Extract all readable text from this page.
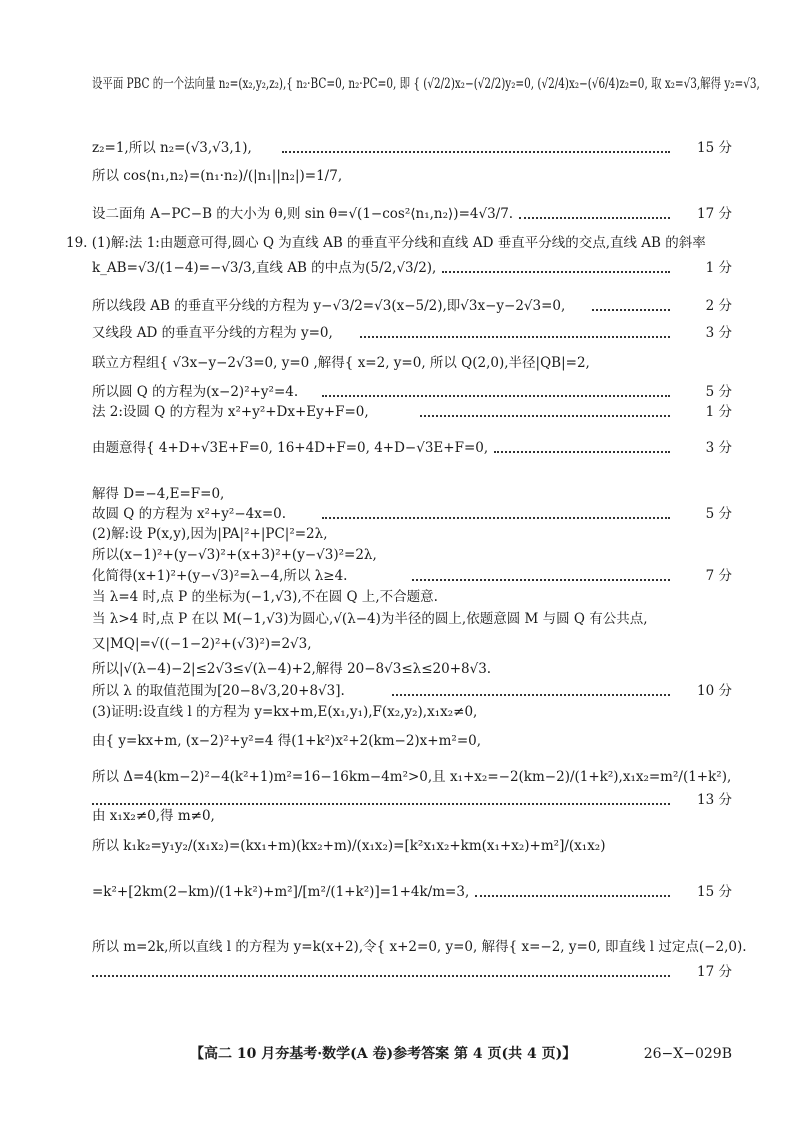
设平面 PBC 的一个法向量 n₂=(x₂,y₂,z₂),{ n₂·BC=0, n₂·PC=0, 即 { (√2/2)x₂−(√2/2)y₂=0, (√2/4)x₂−(√6/4)z₂=0, 取 x₂=√3,解得 y₂=√3,
z₂=1,所以 n₂=(√3,√3,1),	15 分
所以 cos⟨n₁,n₂⟩=(n₁·n₂)/(|n₁||n₂|)=1/7,
设二面角 A−PC−B 的大小为 θ,则 sin θ=√(1−cos²⟨n₁,n₂⟩)=4√3/7.	17 分
19. (1)解:法 1:由题意可得,圆心 Q 为直线 AB 的垂直平分线和直线 AD 垂直平分线的交点,直线 AB 的斜率
k_AB=√3/(1−4)=−√3/3,直线 AB 的中点为(5/2,√3/2),	1 分
所以线段 AB 的垂直平分线的方程为 y−√3/2=√3(x−5/2),即√3x−y−2√3=0,	2 分
又线段 AD 的垂直平分线的方程为 y=0,	3 分
联立方程组{ √3x−y−2√3=0, y=0 ,解得{ x=2, y=0, 所以 Q(2,0),半径|QB|=2,
所以圆 Q 的方程为(x−2)²+y²=4.	5 分
法 2:设圆 Q 的方程为 x²+y²+Dx+Ey+F=0,	1 分
由题意得{ 4+D+√3E+F=0, 16+4D+F=0, 4+D−√3E+F=0,	3 分
解得 D=−4,E=F=0,
故圆 Q 的方程为 x²+y²−4x=0.	5 分
(2)解:设 P(x,y),因为|PA|²+|PC|²=2λ,
所以(x−1)²+(y−√3)²+(x+3)²+(y−√3)²=2λ,
化简得(x+1)²+(y−√3)²=λ−4,所以 λ≥4.	7 分
当 λ=4 时,点 P 的坐标为(−1,√3),不在圆 Q 上,不合题意.
当 λ>4 时,点 P 在以 M(−1,√3)为圆心,√(λ−4)为半径的圆上,依题意圆 M 与圆 Q 有公共点,
又|MQ|=√((−1−2)²+(√3)²)=2√3,
所以|√(λ−4)−2|≤2√3≤√(λ−4)+2,解得 20−8√3≤λ≤20+8√3.
所以 λ 的取值范围为[20−8√3,20+8√3].	10 分
(3)证明:设直线 l 的方程为 y=kx+m,E(x₁,y₁),F(x₂,y₂),x₁x₂≠0,
由{ y=kx+m, (x−2)²+y²=4 得(1+k²)x²+2(km−2)x+m²=0,
所以 Δ=4(km−2)²−4(k²+1)m²=16−16km−4m²>0,且 x₁+x₂=−2(km−2)/(1+k²),x₁x₂=m²/(1+k²),
13 分
由 x₁x₂≠0,得 m≠0,
所以 k₁k₂=y₁y₂/(x₁x₂)=(kx₁+m)(kx₂+m)/(x₁x₂)=[k²x₁x₂+km(x₁+x₂)+m²]/(x₁x₂)
=k²+[2km(2−km)/(1+k²)+m²]/[m²/(1+k²)]=1+4k/m=3,	15 分
所以 m=2k,所以直线 l 的方程为 y=k(x+2),令{ x+2=0, y=0, 解得{ x=−2, y=0, 即直线 l 过定点(−2,0).
17 分
【高二 10 月夯基考·数学(A 卷)参考答案 第 4 页(共 4 页)】	26−X−029B
